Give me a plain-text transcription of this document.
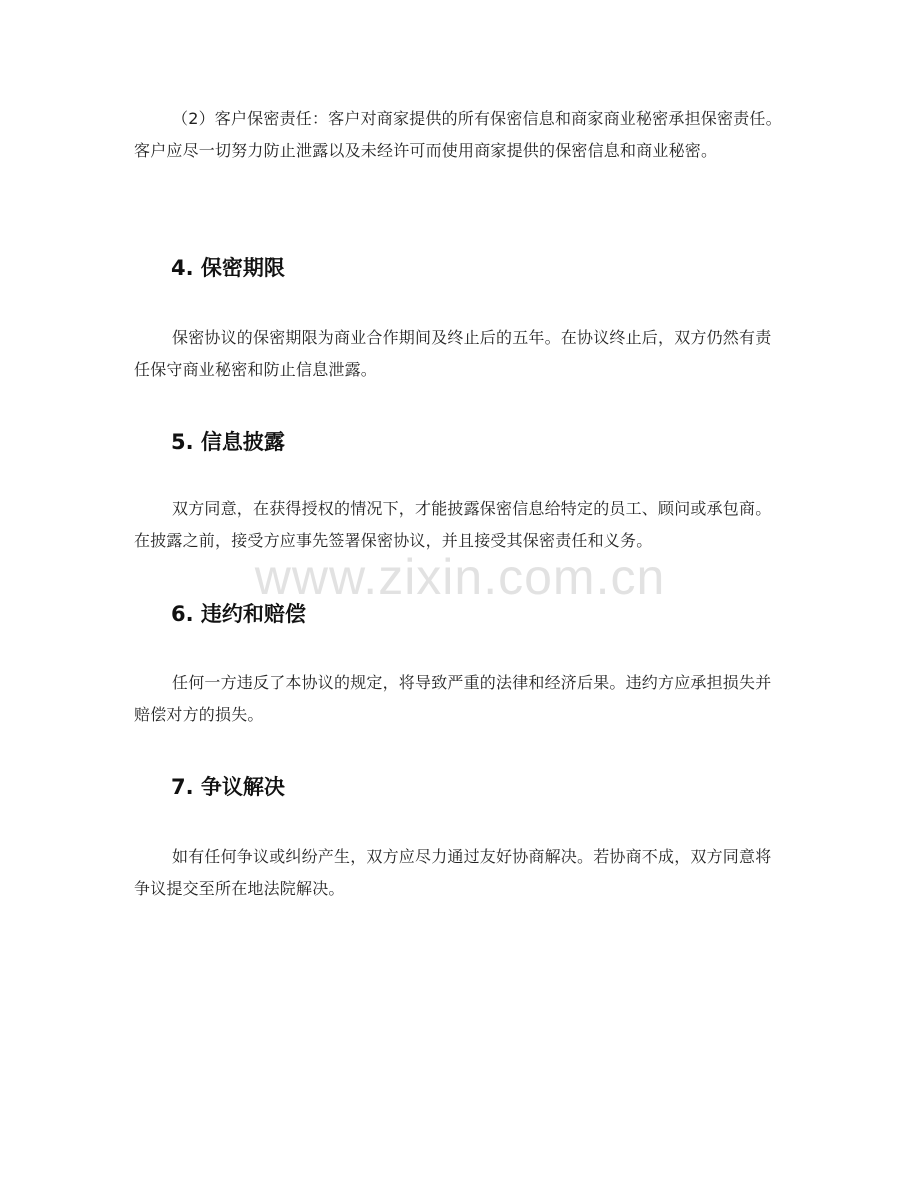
（2）客户保密责任：客户对商家提供的所有保密信息和商家商业秘密承担保密责任。客户应尽一切努力防止泄露以及未经许可而使用商家提供的保密信息和商业秘密。

4. 保密期限

保密协议的保密期限为商业合作期间及终止后的五年。在协议终止后，双方仍然有责任保守商业秘密和防止信息泄露。

5. 信息披露

双方同意，在获得授权的情况下，才能披露保密信息给特定的员工、顾问或承包商。在披露之前，接受方应事先签署保密协议，并且接受其保密责任和义务。

6. 违约和赔偿

任何一方违反了本协议的规定，将导致严重的法律和经济后果。违约方应承担损失并赔偿对方的损失。

7. 争议解决

如有任何争议或纠纷产生，双方应尽力通过友好协商解决。若协商不成，双方同意将争议提交至所在地法院解决。

www.zixin.com.cn
